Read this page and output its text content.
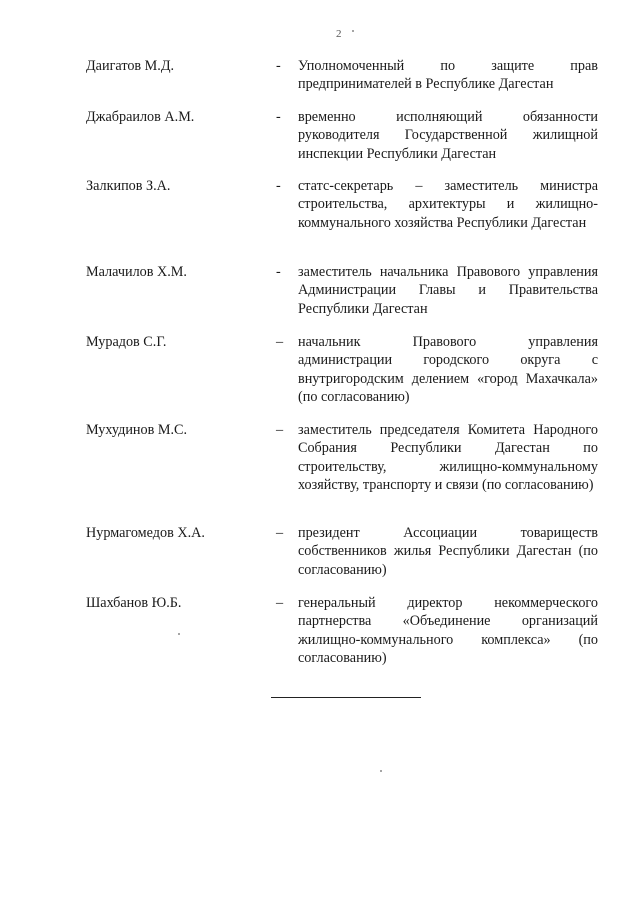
2
Даигатов М.Д.	- Уполномоченный по защите прав предпринимателей в Республике Дагестан
Джабраилов А.М.	- временно исполняющий обязанности руководителя Государственной жилищной инспекции Республики Дагестан
Залкипов З.А.	- статс-секретарь – заместитель министра строительства, архитектуры и жилищно-коммунального хозяйства Республики Дагестан
Малачилов Х.М.	- заместитель начальника Правового управления Администрации Главы и Правительства Республики Дагестан
Мурадов С.Г.	– начальник Правового управления администрации городского округа с внутригородским делением «город Махачкала» (по согласованию)
Мухудинов М.С.	– заместитель председателя Комитета Народного Собрания Республики Дагестан по строительству, жилищно-коммунальному хозяйству, транспорту и связи (по согласованию)
Нурмагомедов Х.А.	– президент Ассоциации товариществ собственников жилья Республики Дагестан (по согласованию)
Шахбанов Ю.Б.	– генеральный директор некоммерческого партнерства «Объединение организаций жилищно-коммунального комплекса» (по согласованию)
